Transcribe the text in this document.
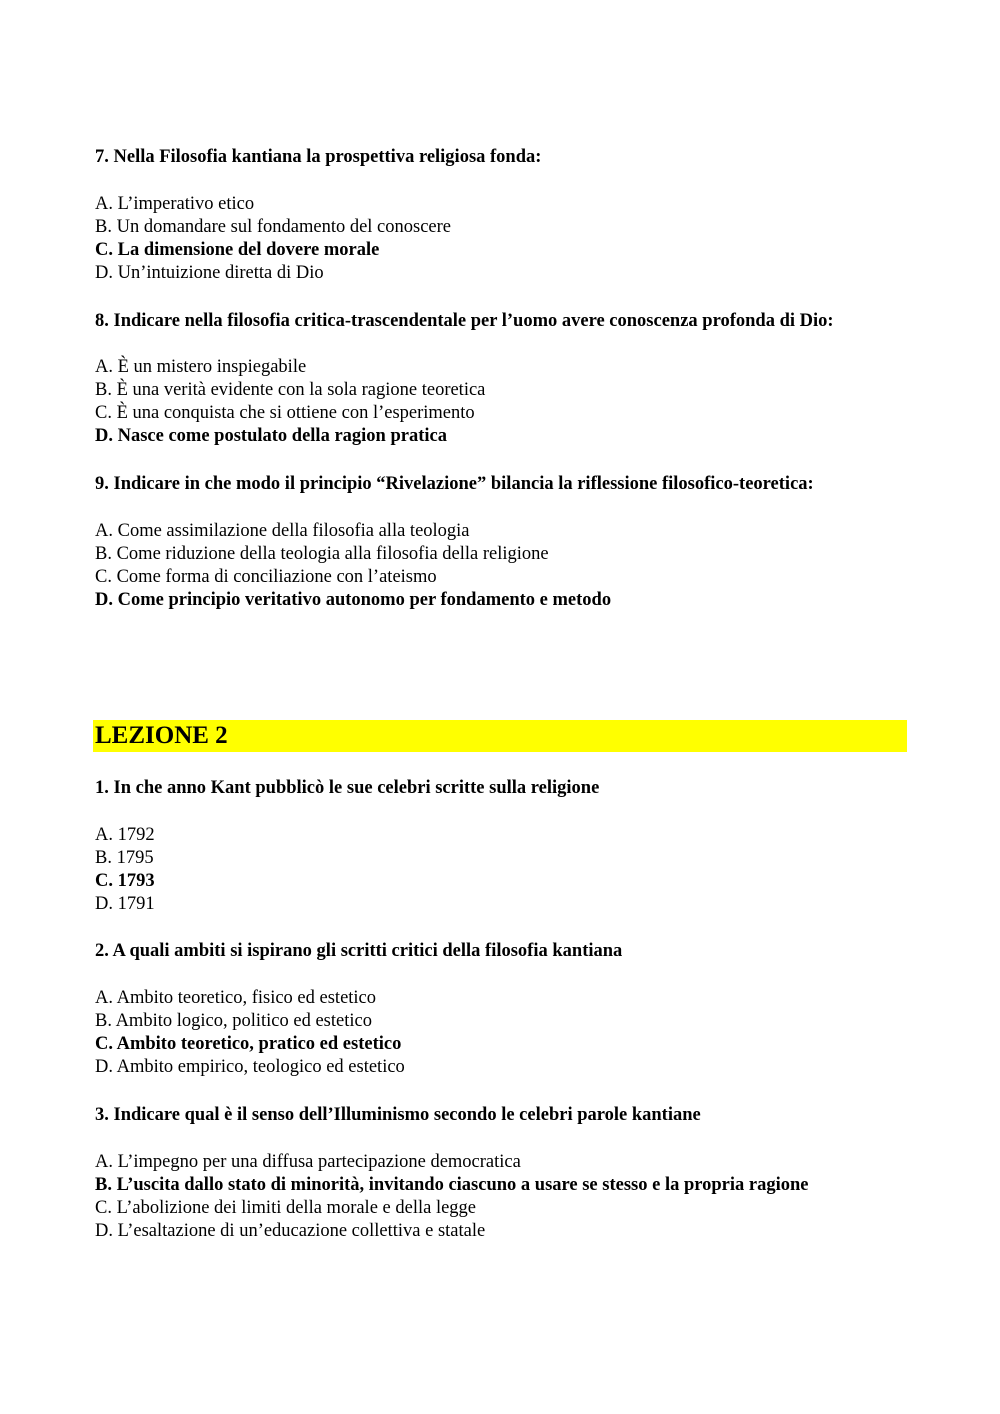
7. Nella Filosofia kantiana la prospettiva religiosa fonda:
A. L’imperativo etico
B. Un domandare sul fondamento del conoscere
C. La dimensione del dovere morale
D. Un’intuizione diretta di Dio
8. Indicare nella filosofia critica-trascendentale per l’uomo avere conoscenza profonda di Dio:
A. È un mistero inspiegabile
B. È una verità evidente con la sola ragione teoretica
C. È una conquista che si ottiene con l’esperimento
D. Nasce come postulato della ragion pratica
9. Indicare in che modo il principio “Rivelazione” bilancia la riflessione filosofico-teoretica:
A. Come assimilazione della filosofia alla teologia
B. Come riduzione della teologia alla filosofia della religione
C. Come forma di conciliazione con l’ateismo
D. Come principio veritativo autonomo per fondamento e metodo
LEZIONE 2
1. In che anno Kant pubblicò le sue celebri scritte sulla religione
A. 1792
B. 1795
C. 1793
D. 1791
2. A quali ambiti si ispirano gli scritti critici della filosofia kantiana
A. Ambito teoretico, fisico ed estetico
B. Ambito logico, politico ed estetico
C. Ambito teoretico, pratico ed estetico
D. Ambito empirico, teologico ed estetico
3. Indicare qual è il senso dell’Illuminismo secondo le celebri parole kantiane
A. L’impegno per una diffusa partecipazione democratica
B. L’uscita dallo stato di minorità, invitando ciascuno a usare se stesso e la propria ragione
C. L’abolizione dei limiti della morale e della legge
D. L’esaltazione di un’educazione collettiva e statale
